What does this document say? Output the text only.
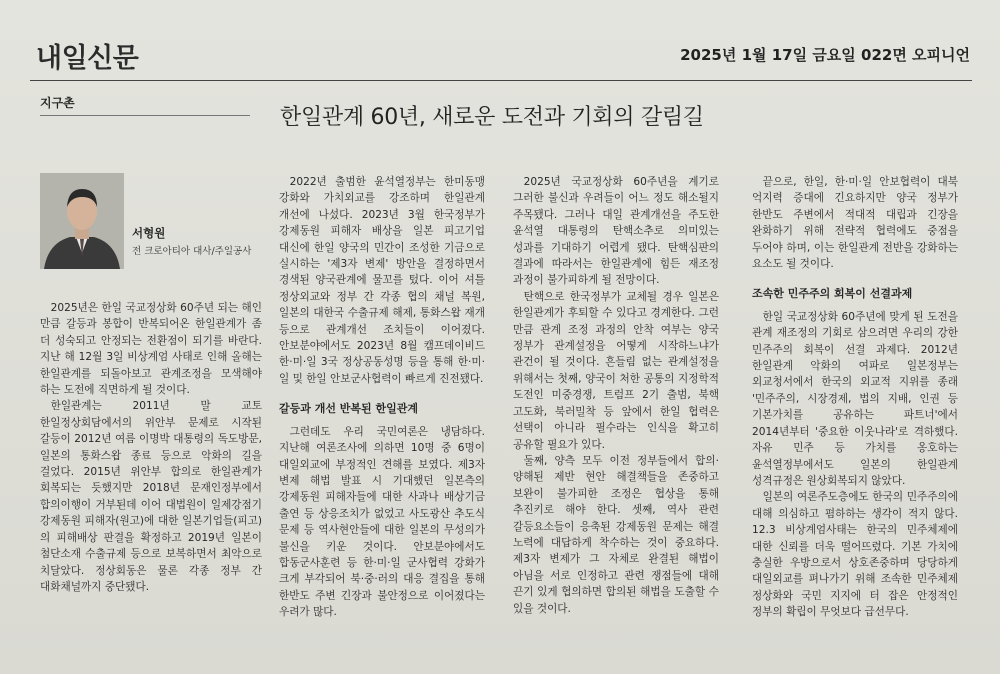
내일신문	2025년 1월 17일 금요일 022면 오피니언
지구촌
한일관계 60년, 새로운 도전과 기회의 갈림길
서형원
전 크로아티아 대사/주일공사

2025년은 한일 국교정상화 60주년 되는 해인 만큼 갈등과 봉합이 반복되어온 한일관계가 좀 더 성숙되고 안정되는 전환점이 되기를 바란다. 지난 해 12월 3일 비상계엄 사태로 인해 올해는 한일관계를 되돌아보고 관계조정을 모색해야 하는 도전에 직면하게 될 것이다.

한일관계는 2011년 말 교토 한일정상회담에서의 위안부 문제로 시작된 갈등이 2012년 여름 이명박 대통령의 독도방문, 일본의 통화스왑 종료 등으로 악화의 길을 걸었다. 2015년 위안부 합의로 한일관계가 회복되는 듯했지만 2018년 문재인정부에서 합의이행이 거부된데 이어 대법원이 일제강점기 강제동원 피해자(원고)에 대한 일본기업들(피고)의 피해배상 판결을 확정하고 2019년 일본이 첨단소재 수출규제 등으로 보복하면서 최악으로 치달았다. 정상회동은 물론 각종 정부 간 대화채널까지 중단됐다.

2022년 출범한 윤석열정부는 한미동맹 강화와 가치외교를 강조하며 한일관계 개선에 나섰다. 2023년 3월 한국정부가 강제동원 피해자 배상을 일본 피고기업 대신에 한일 양국의 민간이 조성한 기금으로 실시하는 '제3자 변제' 방안을 결정하면서 경색된 양국관계에 물꼬를 텄다. 이어 셔틀 정상외교와 정부 간 각종 협의 채널 복원, 일본의 대한국 수출규제 해제, 통화스왑 재개 등으로 관계개선 조치들이 이어졌다. 안보분야에서도 2023년 8월 캠프데이비드 한·미·일 3국 정상공동성명 등을 통해 한·미·일 및 한일 안보군사협력이 빠르게 진전됐다.

갈등과 개선 반복된 한일관계

그런데도 우리 국민여론은 냉담하다. 지난해 여론조사에 의하면 10명 중 6명이 대일외교에 부정적인 견해를 보였다. 제3자 변제 해법 발표 시 기대했던 일본측의 강제동원 피해자들에 대한 사과나 배상기금 출연 등 상응조치가 없었고 사도광산 추도식 문제 등 역사현안들에 대한 일본의 무성의가 불신을 키운 것이다. 안보분야에서도 합동군사훈련 등 한·미·일 군사협력 강화가 크게 부각되어 북·중·러의 대응 결집을 통해 한반도 주변 긴장과 불안정으로 이어졌다는 우려가 많다.

2025년 국교정상화 60주년을 계기로 그러한 불신과 우려들이 어느 정도 해소될지 주목됐다. 그러나 대일 관계개선을 주도한 윤석열 대통령의 탄핵소추로 의미있는 성과를 기대하기 어렵게 됐다. 탄핵심판의 결과에 따라서는 한일관계에 힘든 재조정 과정이 불가피하게 될 전망이다.

탄핵으로 한국정부가 교체될 경우 일본은 한일관계가 후퇴할 수 있다고 경계한다. 그런 만큼 관계 조정 과정의 안착 여부는 양국 정부가 관계설정을 어떻게 시작하느냐가 관건이 될 것이다. 흔들림 없는 관계설정을 위해서는 첫째, 양국이 처한 공통의 지정학적 도전인 미중경쟁, 트럼프 2기 출범, 북핵 고도화, 북러밀착 등 앞에서 한일 협력은 선택이 아니라 필수라는 인식을 확고히 공유할 필요가 있다.

둘째, 양측 모두 이전 정부들에서 합의·양해된 제반 현안 해결책들을 존중하고 보완이 불가피한 조정은 협상을 통해 추진키로 해야 한다. 셋째, 역사 관련 갈등요소들이 응축된 강제동원 문제는 해결 노력에 대답하게 착수하는 것이 중요하다. 제3자 변제가 그 자체로 완결된 해법이 아님을 서로 인정하고 관련 쟁점들에 대해 끈기 있게 협의하면 합의된 해법을 도출할 수 있을 것이다.

끝으로, 한일, 한·미·일 안보협력이 대북 억지력 증대에 긴요하지만 양국 정부가 한반도 주변에서 적대적 대립과 긴장을 완화하기 위해 전략적 협력에도 중점을 두어야 하며, 이는 한일관계 전반을 강화하는 요소도 될 것이다.

조속한 민주주의 회복이 선결과제

한일 국교정상화 60주년에 맞게 된 도전을 관계 재조정의 기회로 삼으려면 우리의 강한 민주주의 회복이 선결 과제다. 2012년 한일관계 악화의 여파로 일본정부는 외교청서에서 한국의 외교적 지위를 종래 '민주주의, 시장경제, 법의 지배, 인권 등 기본가치를 공유하는 파트너'에서 2014년부터 '중요한 이웃나라'로 격하했다. 자유 민주 등 가치를 옹호하는 윤석열정부에서도 일본의 한일관계 성격규정은 원상회복되지 않았다.

일본의 여론주도층에도 한국의 민주주의에 대해 의심하고 폄하하는 생각이 적지 않다. 12.3 비상계엄사태는 한국의 민주체제에 대한 신뢰를 더욱 떨어뜨렸다. 기본 가치에 충실한 우방으로서 상호존중하며 당당하게 대일외교를 펴나가기 위해 조속한 민주체제 정상화와 국민 지지에 터 잡은 안정적인 정부의 확립이 무엇보다 급선무다.
